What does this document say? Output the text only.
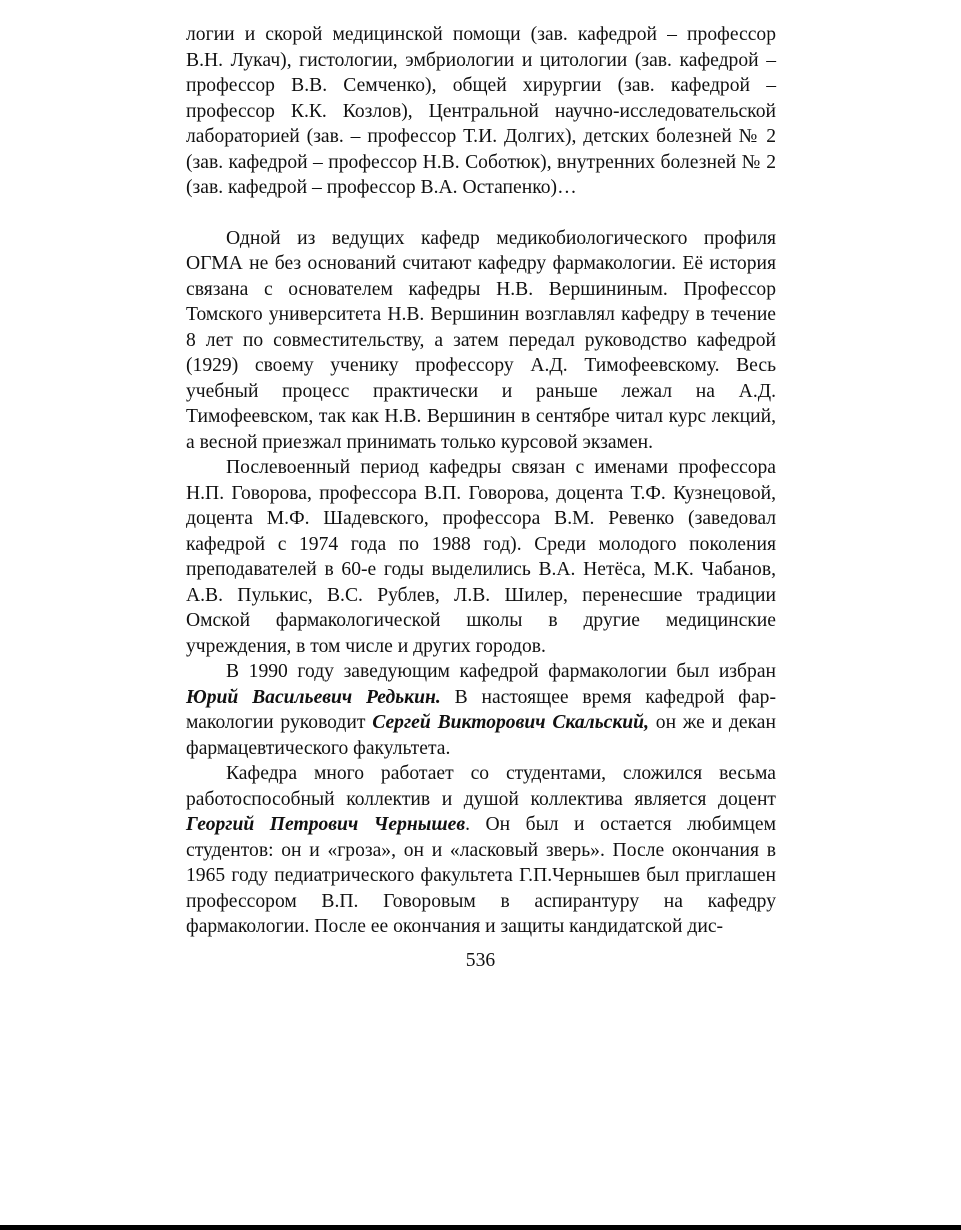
логии и скорой медицинской помощи (зав. кафедрой – профессор В.Н. Лукач), гистологии, эмбриологии и цитологии (зав. кафедрой – профессор В.В. Семченко), общей хирургии (зав. кафедрой – профессор К.К. Козлов), Центральной научно-исследовательской лабораторией (зав. – профессор Т.И. Долгих), детских болезней № 2 (зав. кафедрой – профессор Н.В. Соботюк), внутренних болезней № 2 (зав. кафедрой – профессор В.А. Остапенко)…

Одной из ведущих кафедр медикобиологического профиля ОГМА не без оснований считают кафедру фармакологии. Её история связана с основателем кафедры Н.В. Вершининым. Профессор Томского университета Н.В. Вершинин возглавлял кафедру в течение 8 лет по совместительству, а затем передал руководство кафедрой (1929) своему ученику профессору А.Д. Тимофеевскому. Весь учебный процесс практически и раньше лежал на А.Д. Тимофеевском, так как Н.В. Вершинин в сентябре читал курс лекций, а весной приезжал принимать только курсовой экзамен.

Послевоенный период кафедры связан с именами профессора Н.П. Говорова, профессора В.П. Говорова, доцента Т.Ф. Кузнецовой, доцента М.Ф. Шадевского, профессора В.М. Ревенко (заведовал кафедрой с 1974 года по 1988 год). Среди молодого поколения преподавателей в 60-е годы выделились В.А. Нетёса, М.К. Чабанов, А.В. Пулькис, В.С. Рублев, Л.В. Шилер, перенесшие традиции Омской фармакологической школы в другие медицинские учреждения, в том числе и других городов.

В 1990 году заведующим кафедрой фармакологии был избран Юрий Васильевич Редькин. В настоящее время кафедрой фармакологии руководит Сергей Викторович Скальский, он же и декан фармацевтического факультета.

Кафедра много работает со студентами, сложился весьма работоспособный коллектив и душой коллектива является доцент Георгий Петрович Чернышев. Он был и остается любимцем студентов: он и «гроза», он и «ласковый зверь». После окончания в 1965 году педиатрического факультета Г.П.Чернышев был приглашен профессором В.П. Говоровым в аспирантуру на кафедру фармакологии. После ее окончания и защиты кандидатской дис-

536
